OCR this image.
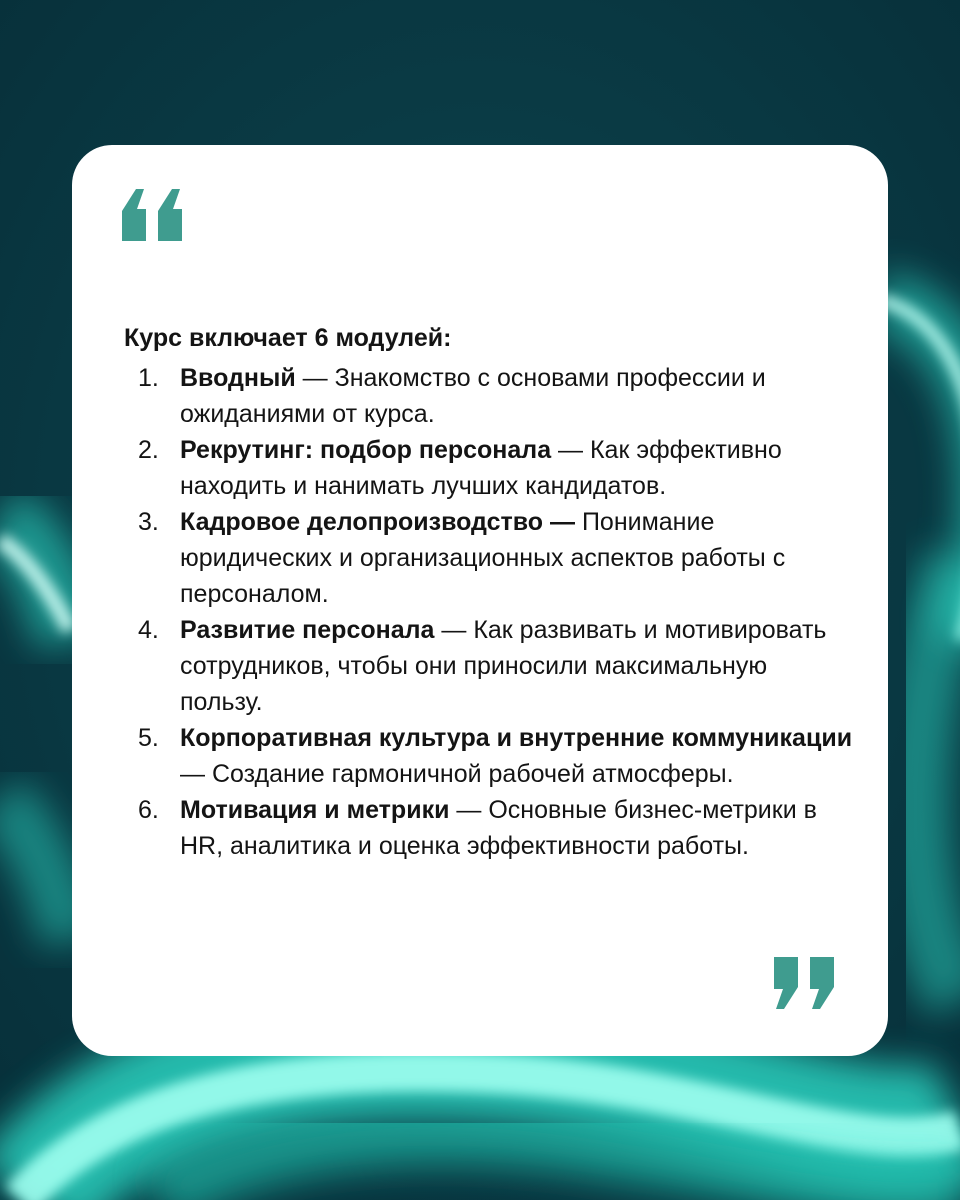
Курс включает 6 модулей:

1. Вводный — Знакомство с основами профессии и ожиданиями от курса.
2. Рекрутинг: подбор персонала — Как эффективно находить и нанимать лучших кандидатов.
3. Кадровое делопроизводство — Понимание юридических и организационных аспектов работы с персоналом.
4. Развитие персонала — Как развивать и мотивировать сотрудников, чтобы они приносили максимальную пользу.
5. Корпоративная культура и внутренние коммуникации — Создание гармоничной рабочей атмосферы.
6. Мотивация и метрики — Основные бизнес-метрики в HR, аналитика и оценка эффективности работы.
